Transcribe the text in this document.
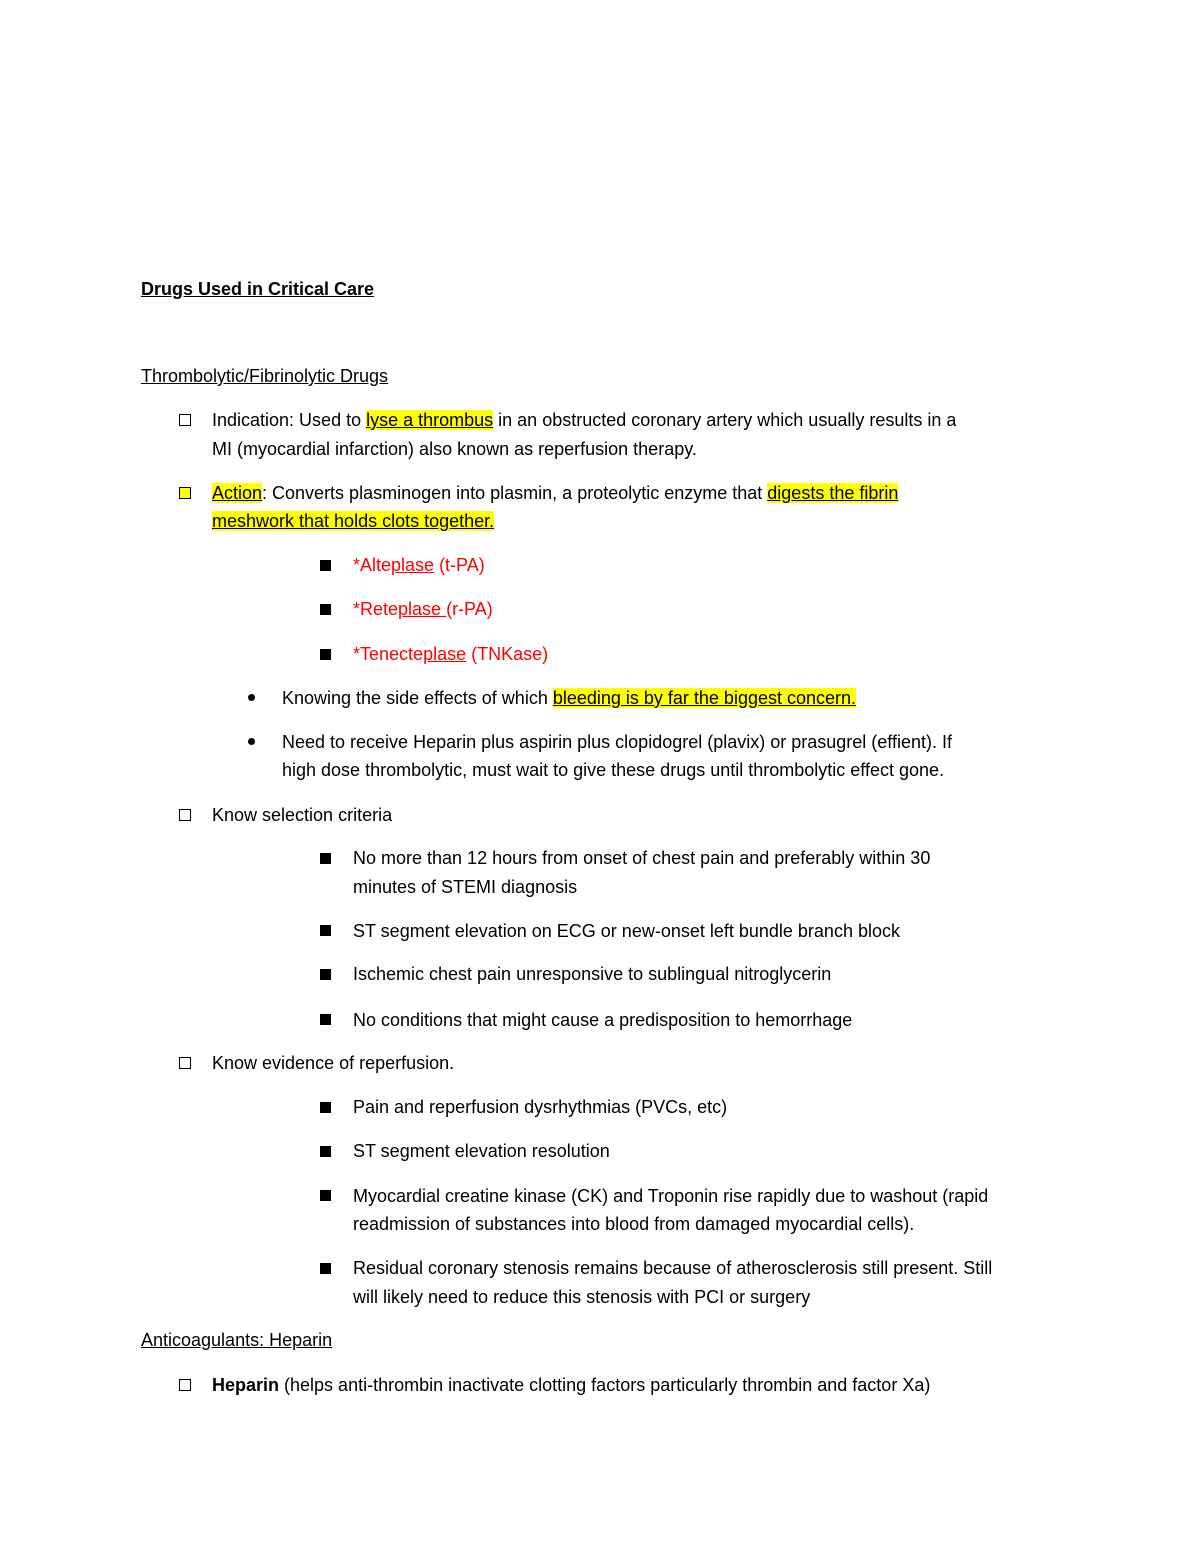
Drugs Used in Critical Care
Thrombolytic/Fibrinolytic Drugs
Indication: Used to lyse a thrombus in an obstructed coronary artery which usually results in a
MI (myocardial infarction) also known as reperfusion therapy.
Action: Converts plasminogen into plasmin, a proteolytic enzyme that digests the fibrin
meshwork that holds clots together.
*Alteplase (t-PA)
*Reteplase (r-PA)
*Tenecteplase (TNKase)
Knowing the side effects of which bleeding is by far the biggest concern.
Need to receive Heparin plus aspirin plus clopidogrel (plavix) or prasugrel (effient). If
high dose thrombolytic, must wait to give these drugs until thrombolytic effect gone.
Know selection criteria
No more than 12 hours from onset of chest pain and preferably within 30
minutes of STEMI diagnosis
ST segment elevation on ECG or new-onset left bundle branch block
Ischemic chest pain unresponsive to sublingual nitroglycerin
No conditions that might cause a predisposition to hemorrhage
Know evidence of reperfusion.
Pain and reperfusion dysrhythmias (PVCs, etc)
ST segment elevation resolution
Myocardial creatine kinase (CK) and Troponin rise rapidly due to washout (rapid
readmission of substances into blood from damaged myocardial cells).
Residual coronary stenosis remains because of atherosclerosis still present. Still
will likely need to reduce this stenosis with PCI or surgery
Anticoagulants: Heparin
Heparin (helps anti-thrombin inactivate clotting factors particularly thrombin and factor Xa)
